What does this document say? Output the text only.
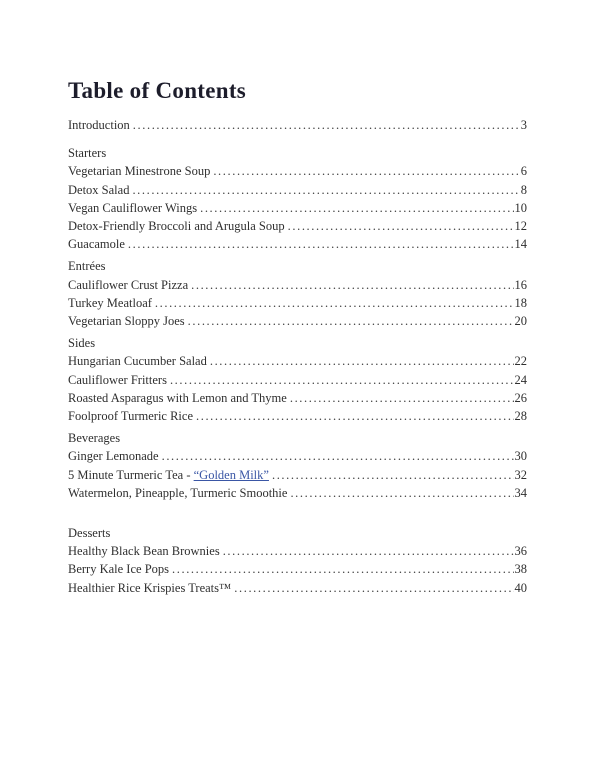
Table of Contents
Introduction .....	3
Starters
Vegetarian Minestrone Soup .....	6
Detox Salad .....	8
Vegan Cauliflower Wings .....	10
Detox-Friendly Broccoli and Arugula Soup .....	12
Guacamole .....	14
Entrées
Cauliflower Crust Pizza .....	16
Turkey Meatloaf .....	18
Vegetarian Sloppy Joes .....	20
Sides
Hungarian Cucumber Salad .....	22
Cauliflower Fritters .....	24
Roasted Asparagus with Lemon and Thyme .....	26
Foolproof Turmeric Rice .....	28
Beverages
Ginger Lemonade .....	30
5 Minute Turmeric Tea - “Golden Milk” .....	32
Watermelon, Pineapple, Turmeric Smoothie .....	34
Desserts
Healthy Black Bean Brownies .....	36
Berry Kale Ice Pops .....	38
Healthier Rice Krispies Treats™ .....	40
